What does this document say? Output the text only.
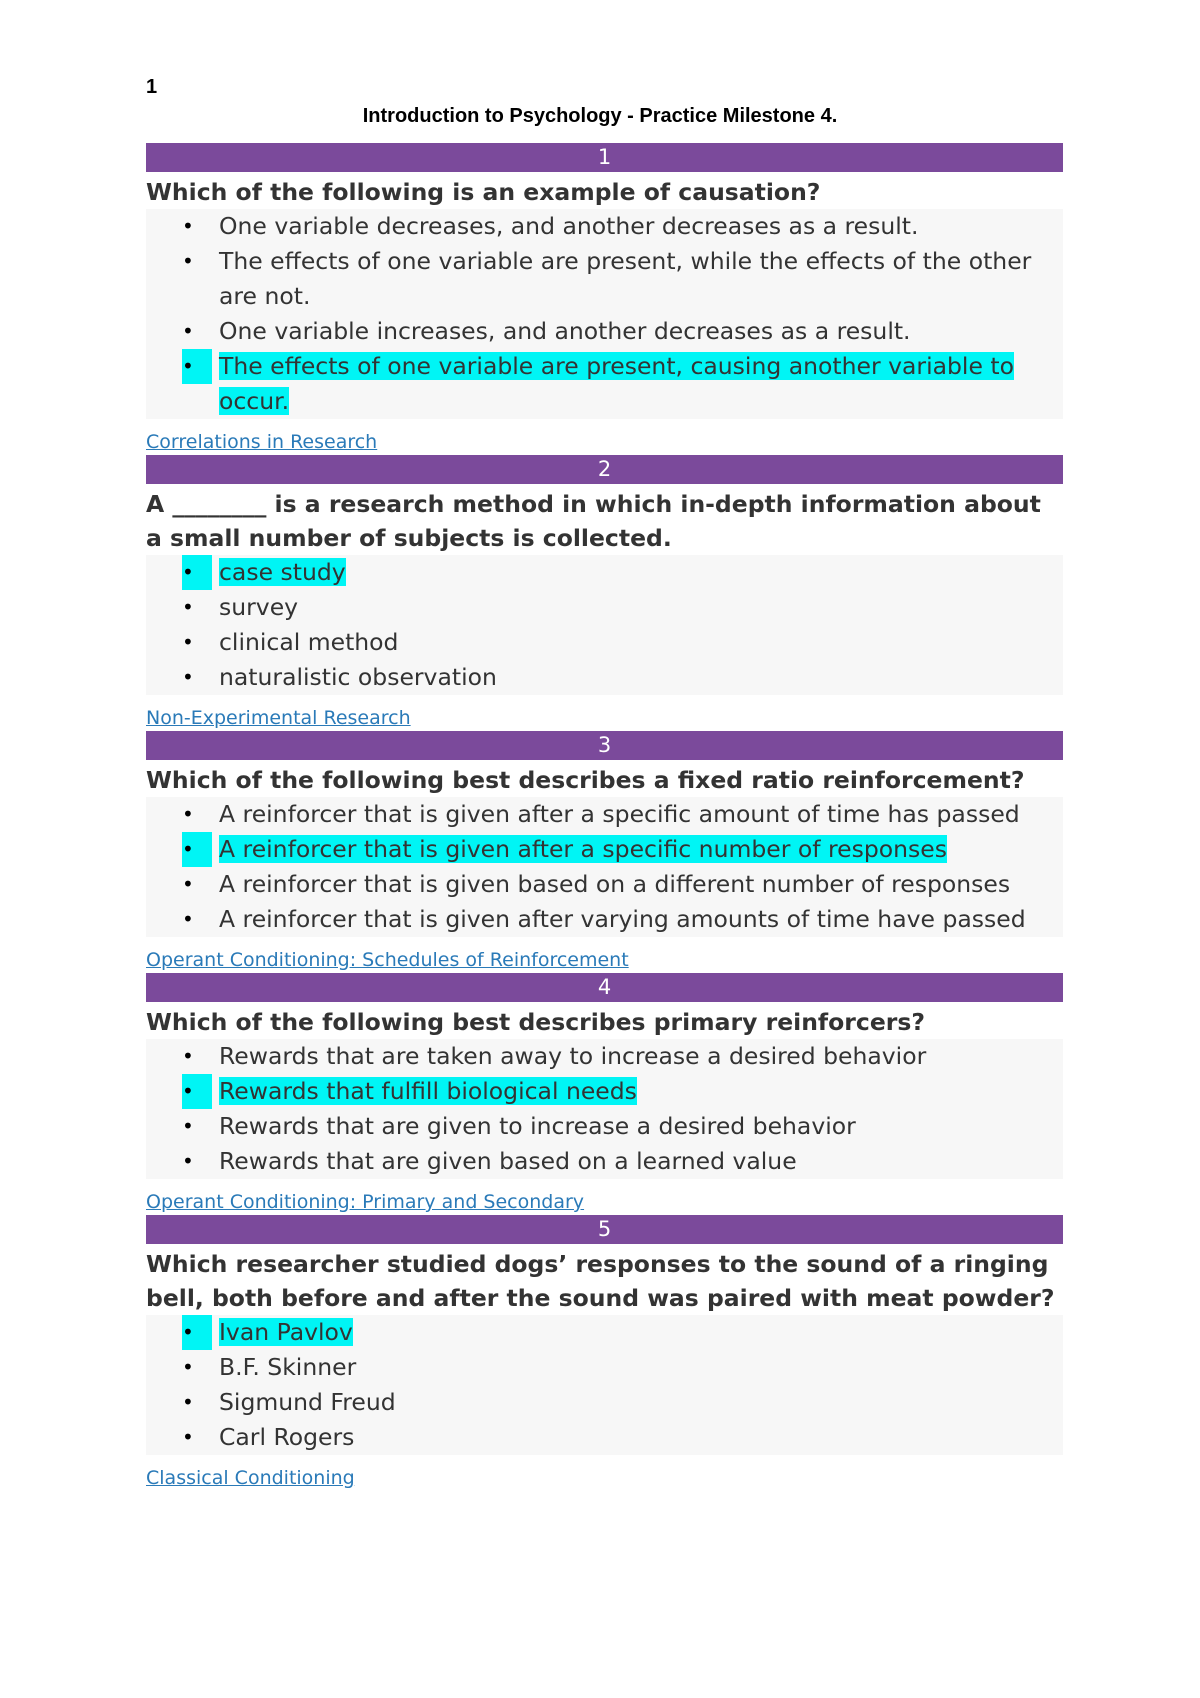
1
Introduction to Psychology - Practice Milestone 4.
1
Which of the following is an example of causation?
• One variable decreases, and another decreases as a result.
• The effects of one variable are present, while the effects of the other are not.
• One variable increases, and another decreases as a result.
•	The effects of one variable are present, causing another variable to occur.
Correlations in Research
2
A ________ is a research method in which in-depth information about a small number of subjects is collected.
•	case study
• survey
• clinical method
• naturalistic observation
Non-Experimental Research
3
Which of the following best describes a fixed ratio reinforcement?
• A reinforcer that is given after a specific amount of time has passed
•	A reinforcer that is given after a specific number of responses
• A reinforcer that is given based on a different number of responses
• A reinforcer that is given after varying amounts of time have passed
Operant Conditioning: Schedules of Reinforcement
4
Which of the following best describes primary reinforcers?
• Rewards that are taken away to increase a desired behavior
•	Rewards that fulfill biological needs
• Rewards that are given to increase a desired behavior
• Rewards that are given based on a learned value
Operant Conditioning: Primary and Secondary
5
Which researcher studied dogs’ responses to the sound of a ringing bell, both before and after the sound was paired with meat powder?
•	Ivan Pavlov
• B.F. Skinner
• Sigmund Freud
• Carl Rogers
Classical Conditioning
